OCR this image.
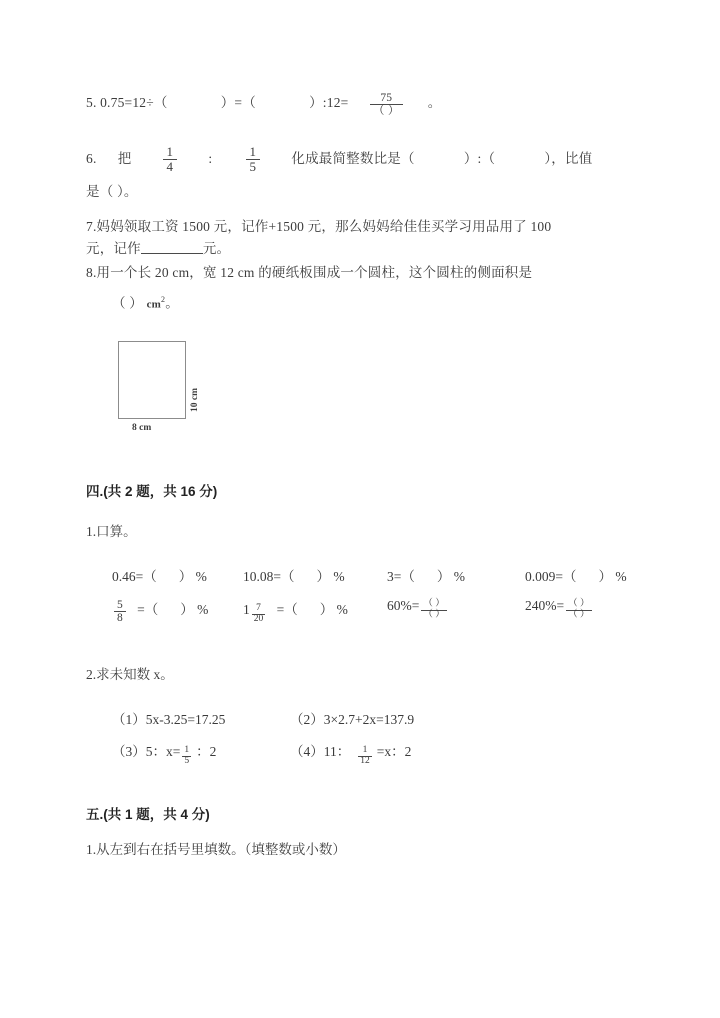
5. 0.75=12÷（	）=（	）:12= $\frac{75}{( )}$ 。
6. 把 $\frac{1}{4}$ :	$\frac{1}{5}$ 化成最简整数比是（	）:（	），比值
是（ ）。
7.妈妈领取工资 1500 元，记作+1500 元，那么妈妈给佳佳买学习用品用了 100
元，记作	元。
8.用一个长 20 cm，宽 12 cm 的硬纸板围成一个圆柱，这个圆柱的侧面积是
（ ） $cm^2$。
10 cm
8 cm
四.(共 2 题，共 16 分)
1.口算。
0.46=（ ） %	10.08=（ ） %	3=（ ） %	0.009=（ ） %
$\frac{5}{8}$ =（ ） %	$1 \frac{7}{20}$ =（ ） %	$60\%= \frac{( )}{( )}$	$240\%= \frac{( )}{( )}$
2.求未知数 x。
（1）5x-3.25=17.25	（2）3×2.7+2x=137.9
（3）5：$x= \frac{1}{5}$ ：2	（4）11： $\frac{1}{12} =x$：2
五.(共 1 题，共 4 分)
1.从左到右在括号里填数。（填整数或小数）
